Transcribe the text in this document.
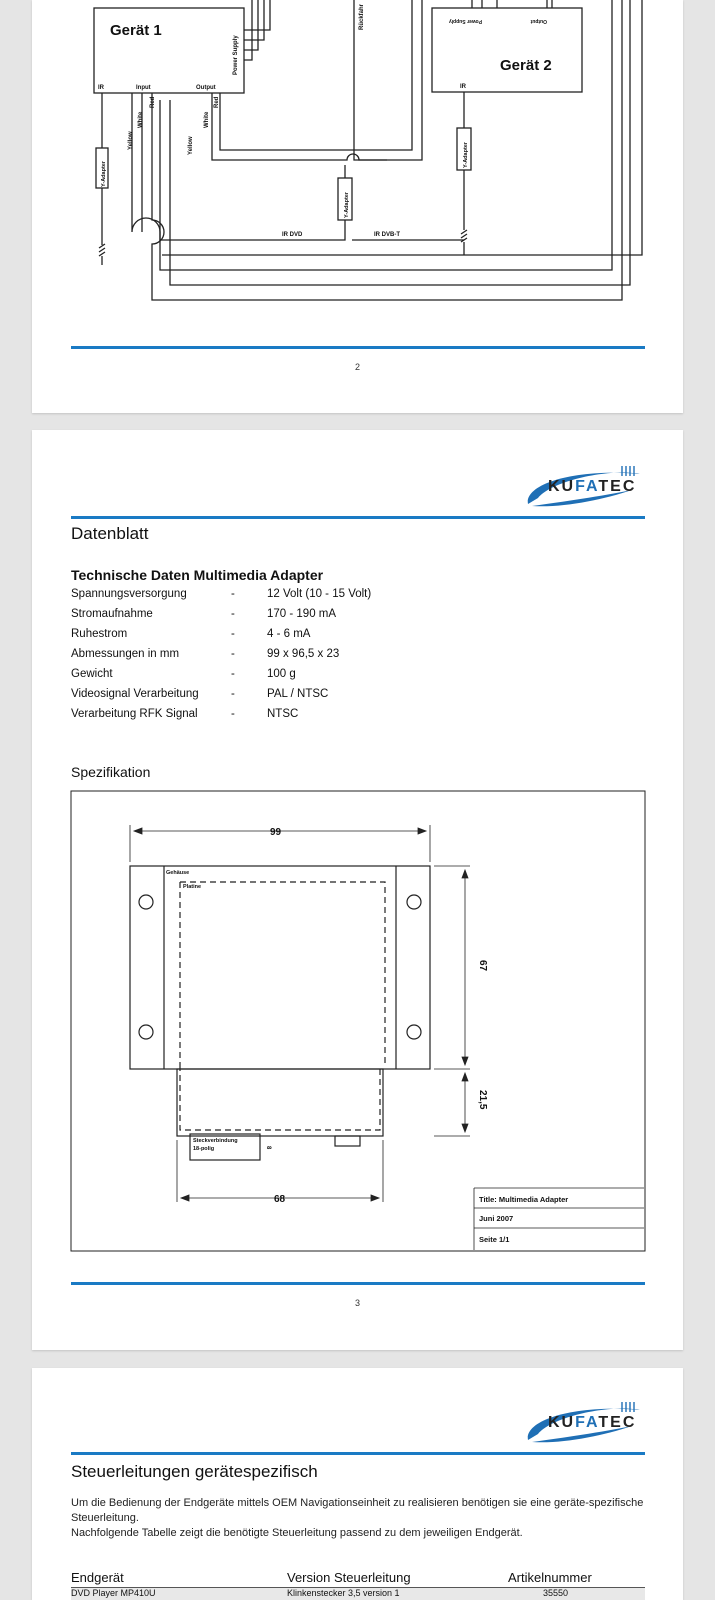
Gerät 1
Gerät 2
Power Supply
Power Supply	Output
IR	IR
Input	Output
Yellow
White
Red
Yellow
White
Red
Rückfahr
Y-Adapter
Y-Adapter
Y-Adapter
IR DVD	IR DVB-T
2
KUFATEC
Datenblatt
Technische Daten Multimedia Adapter
Spannungsversorgung	-	12 Volt (10 - 15 Volt)
Stromaufnahme	-	170 - 190 mA
Ruhestrom	-	4 - 6 mA
Abmessungen in mm	-	99 x 96,5 x 23
Gewicht	-	100 g
Videosignal Verarbeitung	-	PAL / NTSC
Verarbeitung RFK Signal	-	NTSC
Spezifikation
99
67
21,5
68
8
Gehäuse
Platine
Steckverbindung
18-polig
Title: Multimedia Adapter
Juni 2007
Seite 1/1
3
KUFATEC
Steuerleitungen gerätespezifisch

Um die Bedienung der Endgeräte mittels OEM Navigationseinheit zu realisieren benötigen sie eine geräte-spezifische Steuerleitung.

Nachfolgende Tabelle zeigt die benötigte Steuerleitung passend zu dem jeweiligen Endgerät.

Endgerät	Version Steuerleitung	Artikelnummer
DVD Player MP410U	Klinkenstecker 3,5 version 1	35550
